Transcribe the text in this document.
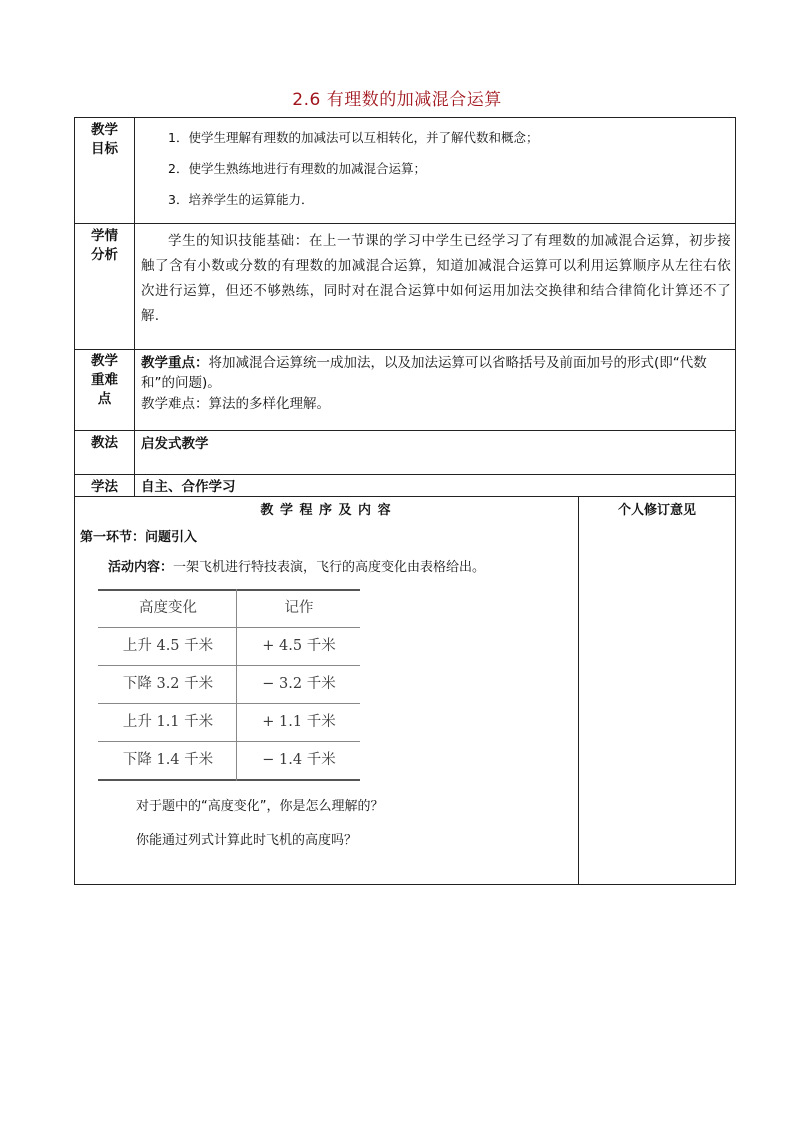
2.6 有理数的加减混合运算
教学目标
1．使学生理解有理数的加减法可以互相转化，并了解代数和概念；
2．使学生熟练地进行有理数的加减混合运算；
3．培养学生的运算能力．
学情分析
学生的知识技能基础：在上一节课的学习中学生已经学习了有理数的加减混合运算，初步接触了含有小数或分数的有理数的加减混合运算，知道加减混合运算可以利用运算顺序从左往右依次进行运算，但还不够熟练，同时对在混合运算中如何运用加法交换律和结合律简化计算还不了解.
教学重难点
教学重点：将加减混合运算统一成加法，以及加法运算可以省略括号及前面加号的形式(即“代数和”的问题)。
教学难点：算法的多样化理解。
教法	启发式教学
学法	自主、合作学习
教 学 程 序 及 内 容	个人修订意见
第一环节：问题引入
活动内容：一架飞机进行特技表演，飞行的高度变化由表格给出。
高度变化	记作
上升 4.5 千米	+ 4.5 千米
下降 3.2 千米	− 3.2 千米
上升 1.1 千米	+ 1.1 千米
下降 1.4 千米	− 1.4 千米
对于题中的“高度变化”，你是怎么理解的？
你能通过列式计算此时飞机的高度吗？
